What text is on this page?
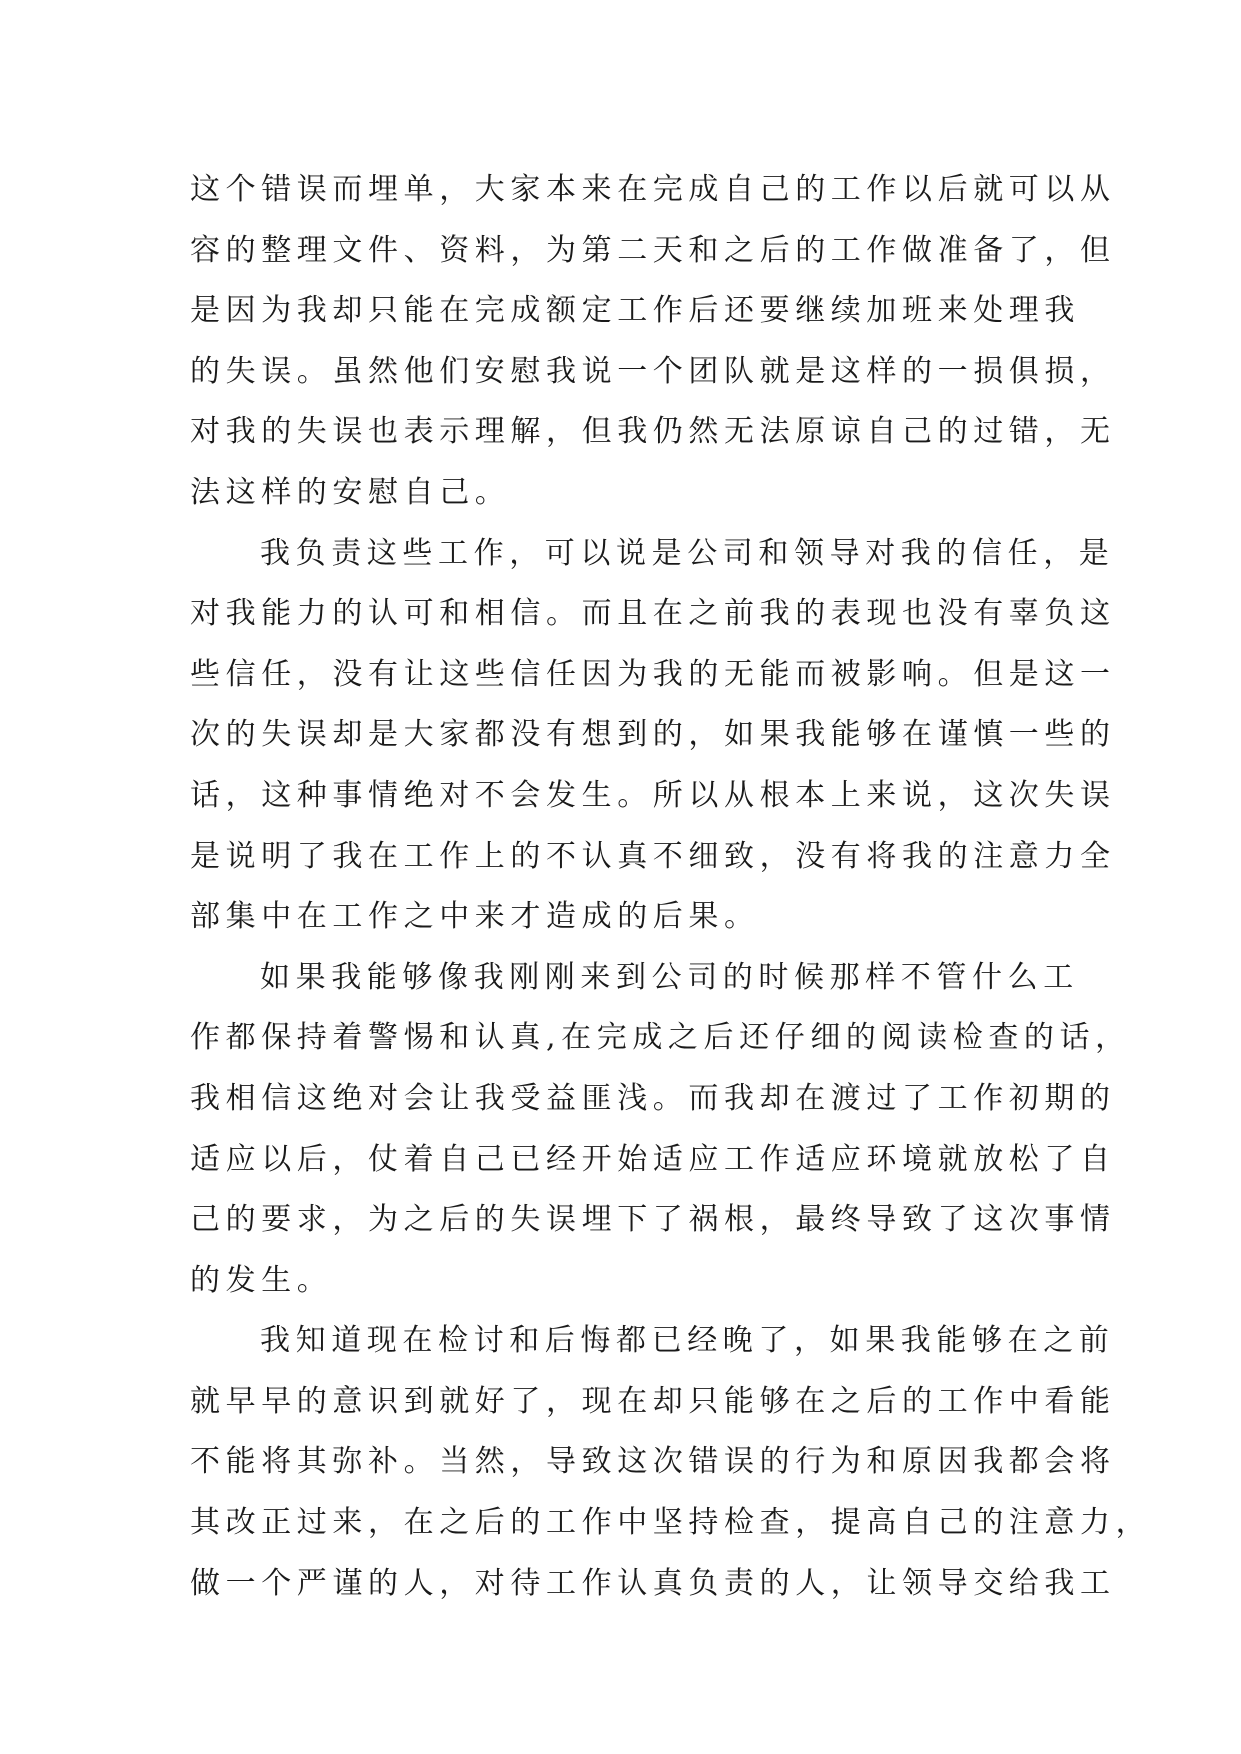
这个错误而埋单，大家本来在完成自己的工作以后就可以从
容的整理文件、资料，为第二天和之后的工作做准备了，但
是因为我却只能在完成额定工作后还要继续加班来处理我
的失误。虽然他们安慰我说一个团队就是这样的一损俱损，
对我的失误也表示理解，但我仍然无法原谅自己的过错，无
法这样的安慰自己。
我负责这些工作，可以说是公司和领导对我的信任，是
对我能力的认可和相信。而且在之前我的表现也没有辜负这
些信任，没有让这些信任因为我的无能而被影响。但是这一
次的失误却是大家都没有想到的，如果我能够在谨慎一些的
话，这种事情绝对不会发生。所以从根本上来说，这次失误
是说明了我在工作上的不认真不细致，没有将我的注意力全
部集中在工作之中来才造成的后果。
如果我能够像我刚刚来到公司的时候那样不管什么工
作都保持着警惕和认真,在完成之后还仔细的阅读检查的话，
我相信这绝对会让我受益匪浅。而我却在渡过了工作初期的
适应以后，仗着自己已经开始适应工作适应环境就放松了自
己的要求，为之后的失误埋下了祸根，最终导致了这次事情
的发生。
我知道现在检讨和后悔都已经晚了，如果我能够在之前
就早早的意识到就好了，现在却只能够在之后的工作中看能
不能将其弥补。当然，导致这次错误的行为和原因我都会将
其改正过来，在之后的工作中坚持检查，提高自己的注意力，
做一个严谨的人，对待工作认真负责的人，让领导交给我工
